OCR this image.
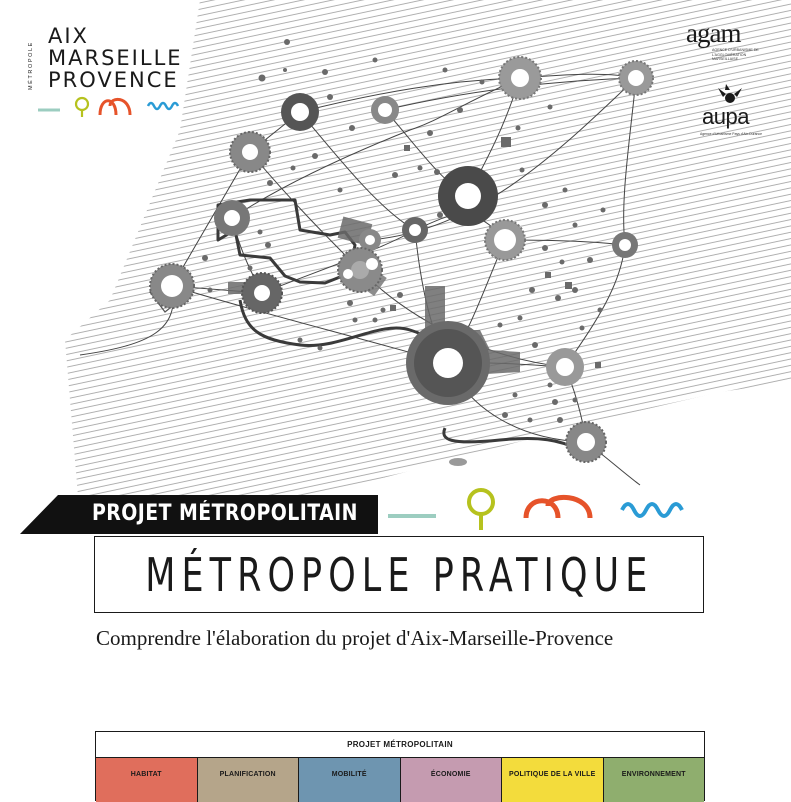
MÉTROPOLE
AIX
MARSEILLE
PROVENCE
agam
AGENCE D'URBANISME DE L'AGGLOMÉRATION MARSEILLAISE
aupa
Agence d'Urbanisme Pays d'Aix-Durance
PROJET MÉTROPOLITAIN
MÉTROPOLE PRATIQUE
Comprendre l'élaboration du projet d'Aix-Marseille-Provence
PROJET MÉTROPOLITAIN
HABITAT	PLANIFICATION	MOBILITÉ	ÉCONOMIE	POLITIQUE DE LA VILLE	ENVIRONNEMENT
